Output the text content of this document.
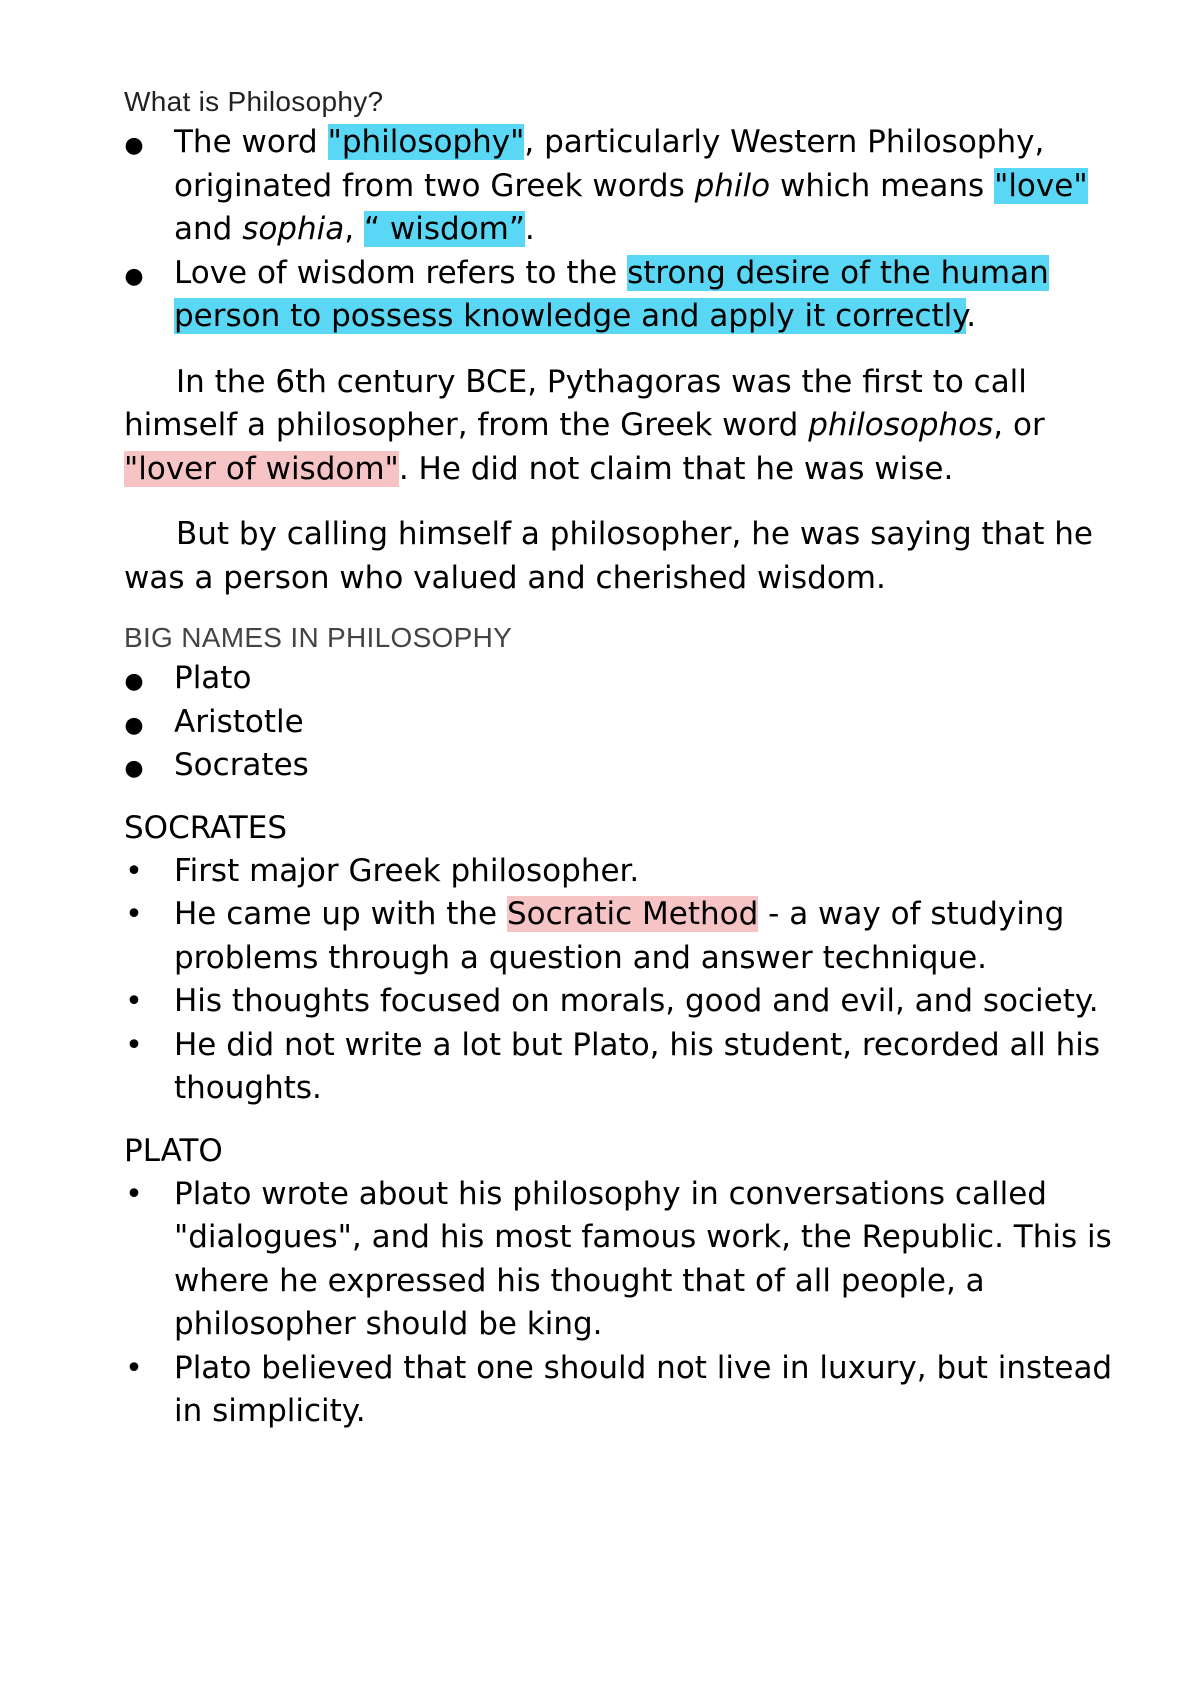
What is Philosophy?
●
The word "philosophy", particularly Western Philosophy, originated from two Greek words philo which means "love" and sophia, “ wisdom”.
●
Love of wisdom refers to the strong desire of the human person to possess knowledge and apply it correctly.

In the 6th century BCE, Pythagoras was the first to call himself a philosopher, from the Greek word philosophos, or "lover of wisdom". He did not claim that he was wise.

But by calling himself a philosopher, he was saying that he was a person who valued and cherished wisdom.

BIG NAMES IN PHILOSOPHY
●
Plato
●
Aristotle
●
Socrates
SOCRATES
•
First major Greek philosopher.
•
He came up with the Socratic Method - a way of studying problems through a question and answer technique.
•
His thoughts focused on morals, good and evil, and society.
•
He did not write a lot but Plato, his student, recorded all his thoughts.
PLATO
•
Plato wrote about his philosophy in conversations called "dialogues", and his most famous work, the Republic. This is where he expressed his thought that of all people, a philosopher should be king.
•
Plato believed that one should not live in luxury, but instead in simplicity.
